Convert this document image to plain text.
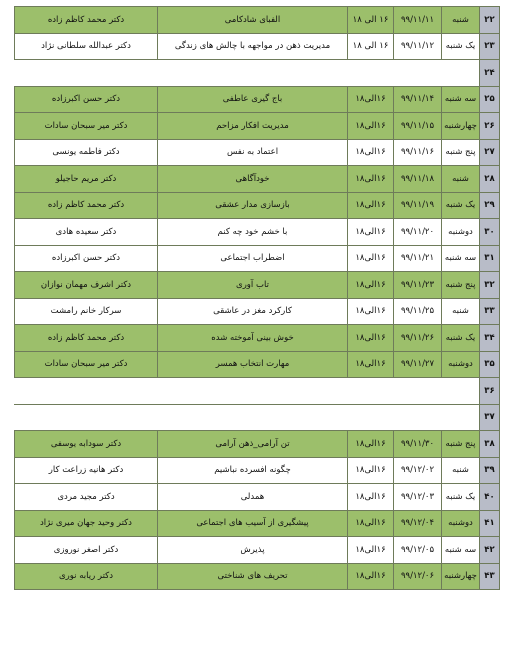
۲۲	شنبه	۹۹/۱۱/۱۱	۱۶ الی ۱۸	الفبای شادکامی	دکتر محمد کاظم زاده
۲۳	یک شنبه	۹۹/۱۱/۱۲	۱۶ الی ۱۸	مدیریت ذهن در مواجهه با چالش های زندگی	دکتر عبدالله سلطانی نژاد
۲۴					
۲۵	سه شنبه	۹۹/۱۱/۱۴	۱۶الی۱۸	باج گیری عاطفی	دکتر حسن اکبرزاده
۲۶	چهارشنبه	۹۹/۱۱/۱۵	۱۶الی۱۸	مدیریت افکار مزاحم	دکتر میر سبحان سادات
۲۷	پنج شنبه	۹۹/۱۱/۱۶	۱۶الی۱۸	اعتماد به نفس	دکتر فاطمه یونسی
۲۸	شنبه	۹۹/۱۱/۱۸	۱۶الی۱۸	خودآگاهی	دکتر مریم حاجیلو
۲۹	یک شنبه	۹۹/۱۱/۱۹	۱۶الی۱۸	بازسازی مدار عشقی	دکتر محمد کاظم زاده
۳۰	دوشنبه	۹۹/۱۱/۲۰	۱۶الی۱۸	با خشم خود چه کنم	دکتر سعیده هادی
۳۱	سه شنبه	۹۹/۱۱/۲۱	۱۶الی۱۸	اضطراب اجتماعی	دکتر حسن اکبرزاده
۳۲	پنج شنبه	۹۹/۱۱/۲۳	۱۶الی۱۸	تاب آوری	دکتر اشرف مهمان نوازان
۳۳	شنبه	۹۹/۱۱/۲۵	۱۶الی۱۸	کارکرد مغز در عاشقی	سرکار خانم رامشت
۳۴	یک شنبه	۹۹/۱۱/۲۶	۱۶الی۱۸	خوش بینی آموخته شده	دکتر محمد کاظم زاده
۳۵	دوشنبه	۹۹/۱۱/۲۷	۱۶الی۱۸	مهارت انتخاب همسر	دکتر میر سبحان سادات
۳۶					
۳۷					
۳۸	پنج شنبه	۹۹/۱۱/۳۰	۱۶الی۱۸	تن آرامی_ذهن آرامی	دکتر سودابه یوسفی
۳۹	شنبه	۹۹/۱۲/۰۲	۱۶الی۱۸	چگونه افسرده نباشیم	دکتر هانیه زراعت کار
۴۰	یک شنبه	۹۹/۱۲/۰۳	۱۶الی۱۸	همدلی	دکتر مجید مردی
۴۱	دوشنبه	۹۹/۱۲/۰۴	۱۶الی۱۸	پیشگیری از آسیب های اجتماعی	دکتر وحید جهان میری نژاد
۴۲	سه شنبه	۹۹/۱۲/۰۵	۱۶الی۱۸	پذیرش	دکتر اصغر نوروزی
۴۳	چهارشنبه	۹۹/۱۲/۰۶	۱۶الی۱۸	تحریف های شناختی	دکتر ریابه نوری
